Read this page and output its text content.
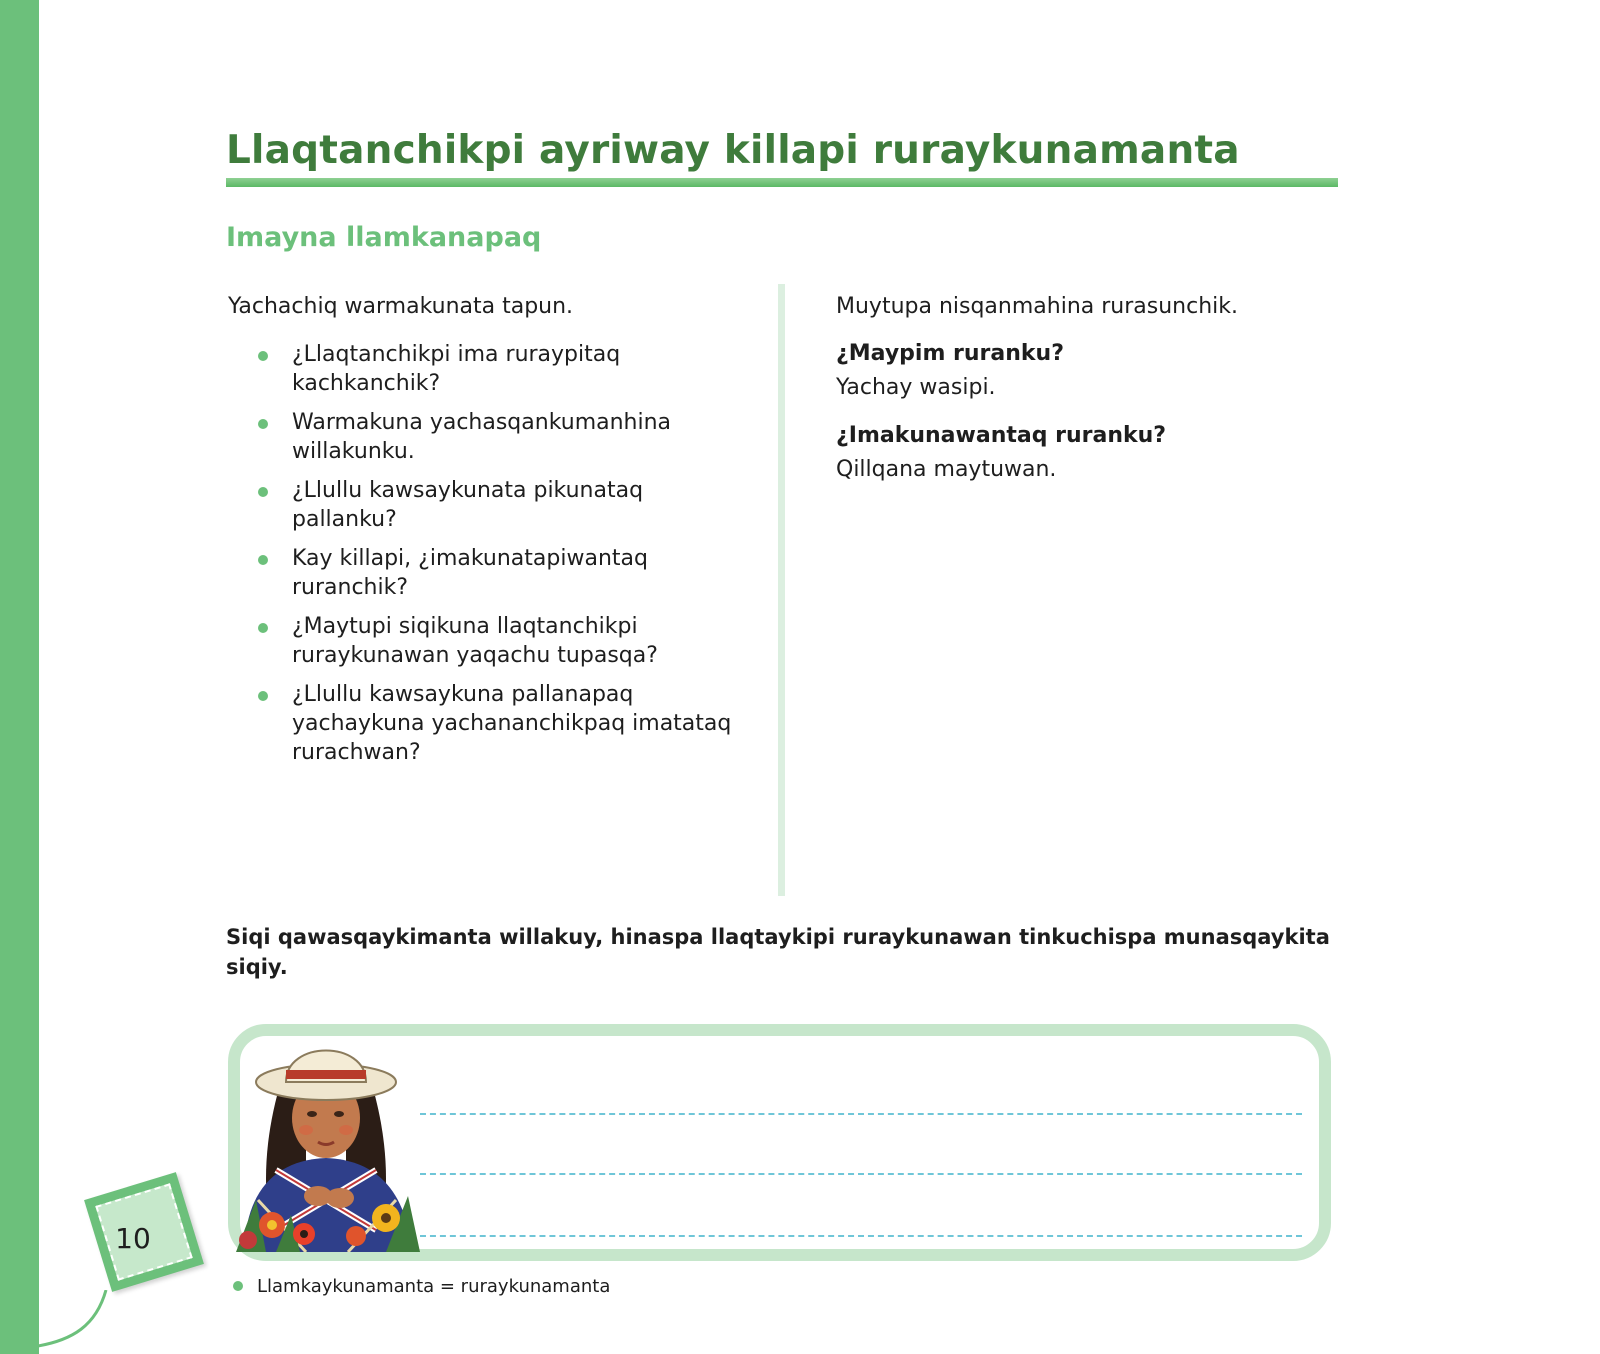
Llaqtanchikpi ayriway killapi ruraykunamanta
Imayna llamkanapaq

Yachachiq warmakunata tapun.

¿Llaqtanchikpi ima ruraypitaq kachkanchik?
Warmakuna yachasqankumanhina willakunku.
¿Llullu kawsaykunata pikunataq pallanku?
Kay killapi, ¿imakunatapiwantaq ruranchik?
¿Maytupi siqikuna llaqtanchikpi ruraykunawan yaqachu tupasqa?
¿Llullu kawsaykuna pallanapaq yachaykuna yachananchikpaq imatataq rurachwan?

Muytupa nisqanmahina rurasunchik.

¿Maypim ruranku?

Yachay wasipi.

¿Imakunawantaq ruranku?

Qillqana maytuwan.

Siqi qawasqaykimanta willakuy, hinaspa llaqtaykipi ruraykunawan tinkuchispa munasqaykita siqiy.

10
Llamkaykunamanta = ruraykunamanta
